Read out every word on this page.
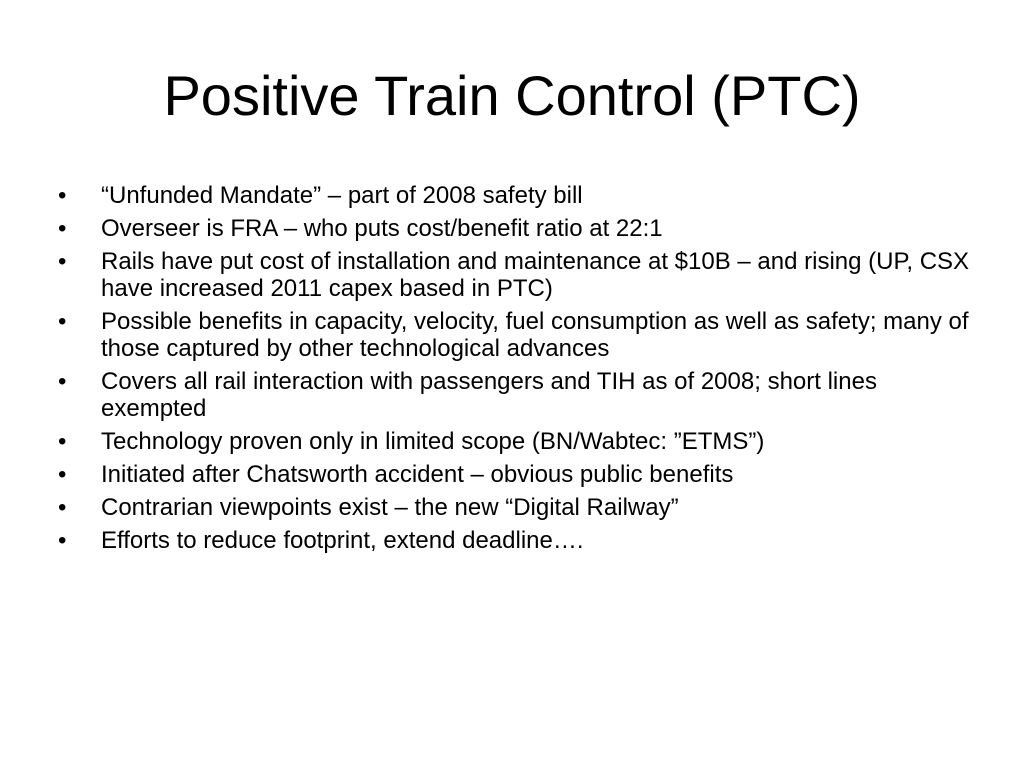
Positive Train Control (PTC)
•	“Unfunded Mandate” – part of 2008 safety bill
•	Overseer is FRA – who puts cost/benefit ratio at 22:1
•	Rails have put cost of installation and maintenance at $10B – and rising (UP, CSX have increased 2011 capex based in PTC)
•	Possible benefits in capacity, velocity, fuel consumption as well as safety; many of those captured by other technological advances
•	Covers all rail interaction with passengers and TIH as of 2008; short lines exempted
•	Technology proven only in limited scope (BN/Wabtec: ”ETMS”)
•	Initiated after Chatsworth accident – obvious public benefits
•	Contrarian viewpoints exist – the new “Digital Railway”
•	Efforts to reduce footprint, extend deadline….
